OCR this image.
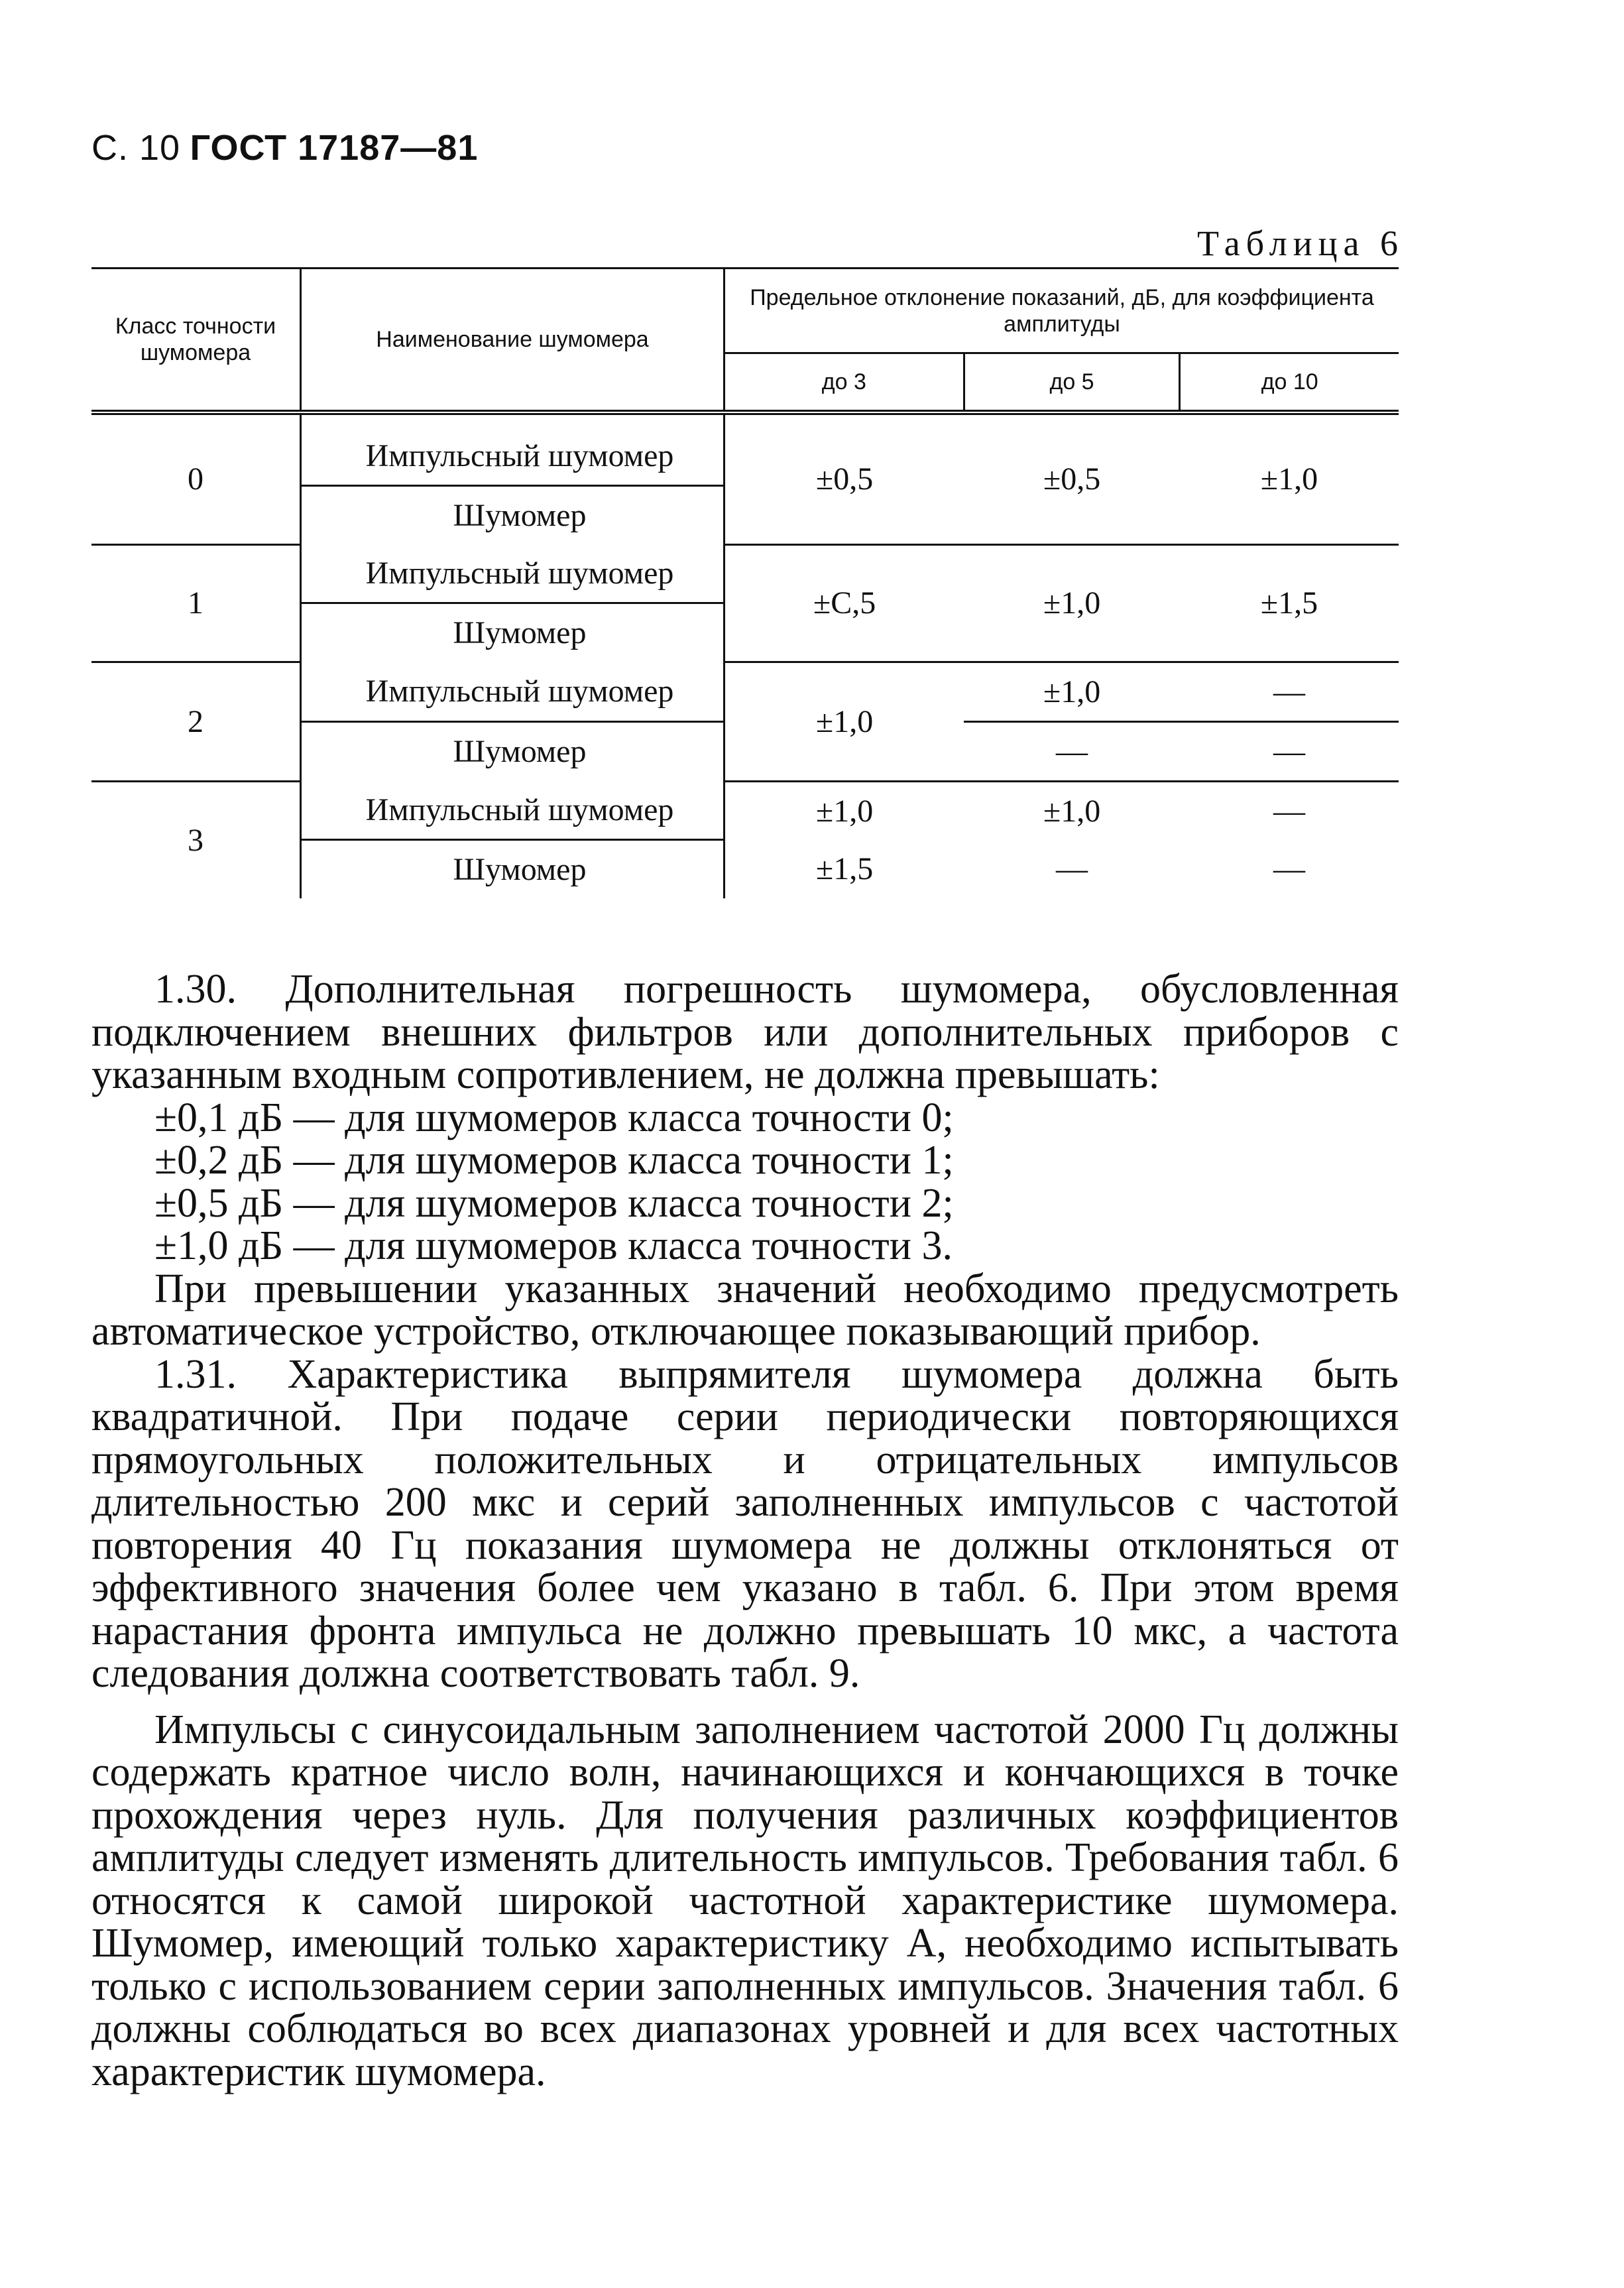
С. 10 ГОСТ 17187—81
Таблица 6
Класс точности шумомера	Наименование шумомера	Предельное отклонение показаний, дБ, для коэффициента амплитуды		
		до 3	до 5	до 10
0	Импульсный шумомер	±0,5	±0,5	±1,0
	Шумомер			
1	Импульсный шумомер	±С,5	±1,0	±1,5
	Шумомер			
2	Импульсный шумомер	±1,0	±1,0	—
	Шумомер		—	—
3	Импульсный шумомер	±1,0	±1,0	—
	Шумомер	±1,5	—	—

1.30. Дополнительная погрешность шумомера, обусловленная подключением внешних фильтров или дополнительных приборов с указанным входным сопротивлением, не должна превышать:

±0,1 дБ — для шумомеров класса точности 0;

±0,2 дБ — для шумомеров класса точности 1;

±0,5 дБ — для шумомеров класса точности 2;

±1,0 дБ — для шумомеров класса точности 3.

При превышении указанных значений необходимо предусмотреть автоматическое устройство, отключающее показывающий прибор.

1.31. Характеристика выпрямителя шумомера должна быть квадратичной. При подаче серии периодически повторяющихся прямоугольных положительных и отрицательных импульсов длительностью 200 мкс и серий заполненных импульсов с частотой повторения 40 Гц показания шумомера не должны отклоняться от эффективного значения более чем указано в табл. 6. При этом время нарастания фронта импульса не должно превышать 10 мкс, а частота следования должна соответствовать табл. 9.

Импульсы с синусоидальным заполнением частотой 2000 Гц должны содержать кратное число волн, начинающихся и кончающихся в точке прохождения через нуль. Для получения различных коэффициентов амплитуды следует изменять длительность импульсов. Требования табл. 6 относятся к самой широкой частотной характеристике шумомера. Шумомер, имеющий только характеристику А, необходимо испытывать только с использованием серии заполненных импульсов. Значения табл. 6 должны соблюдаться во всех диапазонах уровней и для всех частотных характеристик шумомера.
